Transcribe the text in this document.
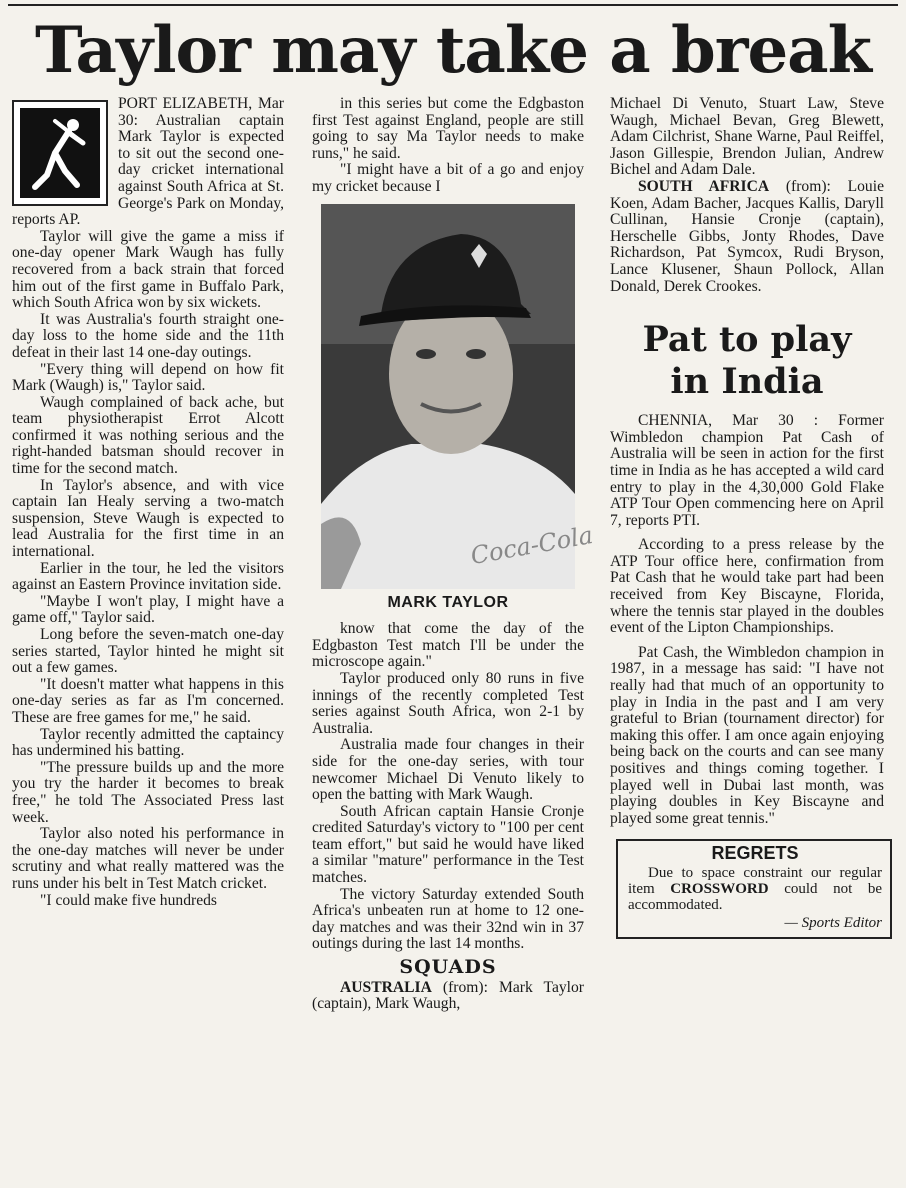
Taylor may take a break

PORT ELIZABETH, Mar 30: Australian captain Mark Taylor is expected to sit out the second one-day cricket international against South Africa at St. George's Park on Monday, reports AP.

Taylor will give the game a miss if one-day opener Mark Waugh has fully recovered from a back strain that forced him out of the first game in Buffalo Park, which South Africa won by six wickets.

It was Australia's fourth straight one-day loss to the home side and the 11th defeat in their last 14 one-day outings.

"Every thing will depend on how fit Mark (Waugh) is," Taylor said.

Waugh complained of back ache, but team physiotherapist Errot Alcott confirmed it was nothing serious and the right-handed batsman should recover in time for the second match.

In Taylor's absence, and with vice captain Ian Healy serving a two-match suspension, Steve Waugh is expected to lead Australia for the first time in an international.

Earlier in the tour, he led the visitors against an Eastern Province invitation side.

"Maybe I won't play, I might have a game off," Taylor said.

Long before the seven-match one-day series started, Taylor hinted he might sit out a few games.

"It doesn't matter what happens in this one-day series as far as I'm concerned. These are free games for me," he said.

Taylor recently admitted the captaincy has undermined his batting.

"The pressure builds up and the more you try the harder it becomes to break free," he told The Associated Press last week.

Taylor also noted his performance in the one-day matches will never be under scrutiny and what really mattered was the runs under his belt in Test Match cricket.

"I could make five hundreds

in this series but come the Edgbaston first Test against England, people are still going to say Ma Taylor needs to make runs," he said.

"I might have a bit of a go and enjoy my cricket because I

Coca-Cola
MARK TAYLOR

know that come the day of the Edgbaston Test match I'll be under the microscope again."

Taylor produced only 80 runs in five innings of the recently completed Test series against South Africa, won 2-1 by Australia.

Australia made four changes in their side for the one-day series, with tour newcomer Michael Di Venuto likely to open the batting with Mark Waugh.

South African captain Hansie Cronje credited Saturday's victory to "100 per cent team effort," but said he would have liked a similar "mature" performance in the Test matches.

The victory Saturday extended South Africa's unbeaten run at home to 12 one-day matches and was their 32nd win in 37 outings during the last 14 months.

SQUADS

AUSTRALIA (from): Mark Taylor (captain), Mark Waugh,

Michael Di Venuto, Stuart Law, Steve Waugh, Michael Bevan, Greg Blewett, Adam Cilchrist, Shane Warne, Paul Reiffel, Jason Gillespie, Brendon Julian, Andrew Bichel and Adam Dale.

SOUTH AFRICA (from): Louie Koen, Adam Bacher, Jacques Kallis, Daryll Cullinan, Hansie Cronje (captain), Herschelle Gibbs, Jonty Rhodes, Dave Richardson, Pat Symcox, Rudi Bryson, Lance Klusener, Shaun Pollock, Allan Donald, Derek Crookes.

Pat to play
in India

CHENNIA, Mar 30 : Former Wimbledon champion Pat Cash of Australia will be seen in action for the first time in India as he has accepted a wild card entry to play in the 4,30,000 Gold Flake ATP Tour Open commencing here on April 7, reports PTI.

According to a press release by the ATP Tour office here, confirmation from Pat Cash that he would take part had been received from Key Biscayne, Florida, where the tennis star played in the doubles event of the Lipton Championships.

Pat Cash, the Wimbledon champion in 1987, in a message has said: "I have not really had that much of an opportunity to play in India in the past and I am very grateful to Brian (tournament director) for making this offer. I am once again enjoying being back on the courts and can see many positives and things coming together. I played well in Dubai last month, was playing doubles in Key Biscayne and played some great tennis."

REGRETS

Due to space constraint our regular item CROSSWORD could not be accommodated.

— Sports Editor
